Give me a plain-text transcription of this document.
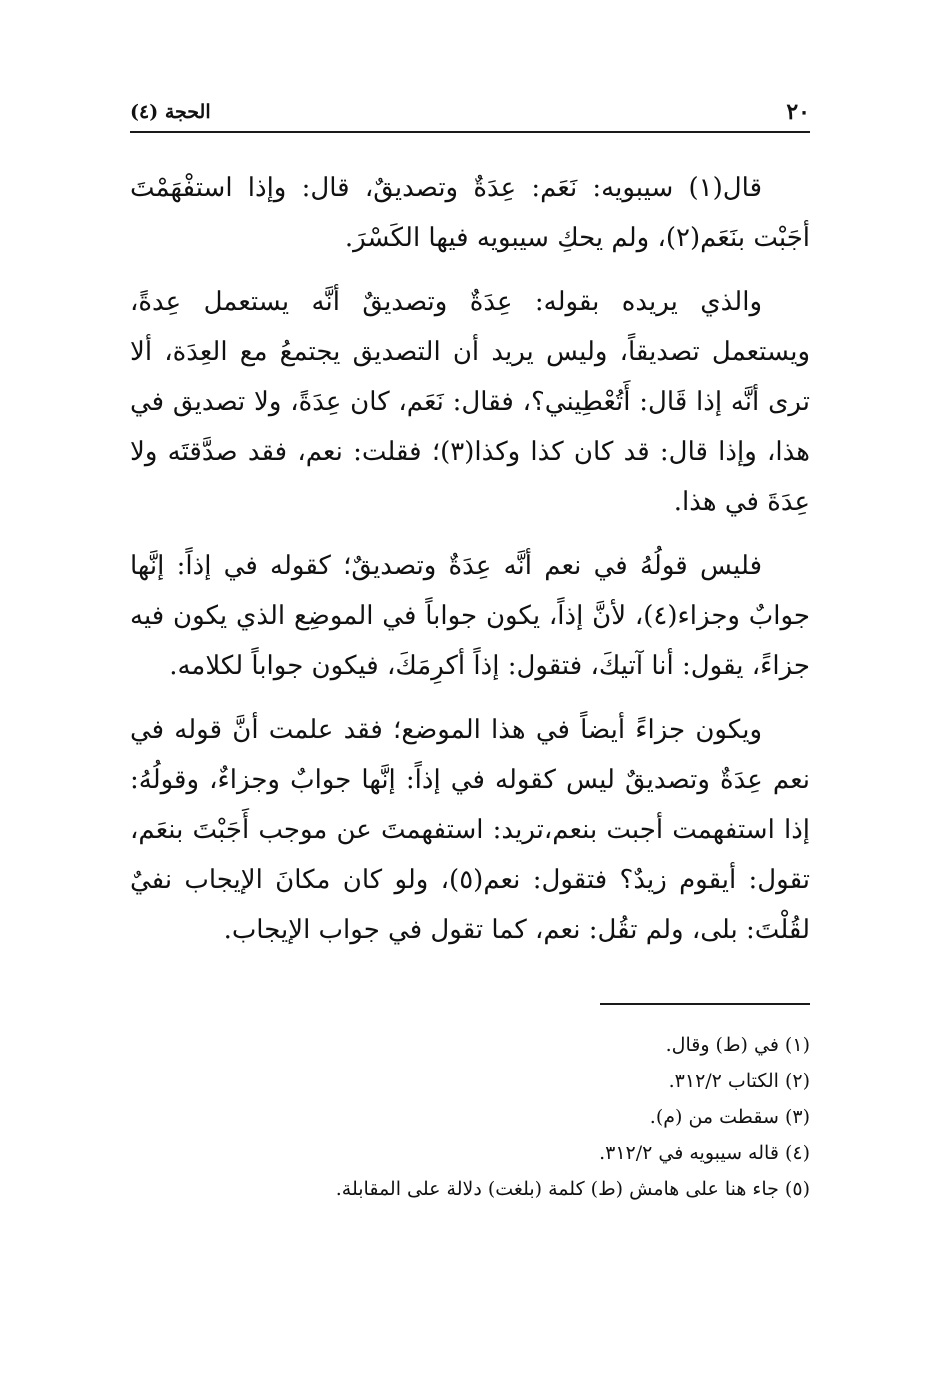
٢٠
الحجة (٤)

قال(١) سيبويه: نَعَم: عِدَةٌ وتصديقٌ، قال: وإذا استفْهَمْتَ أجَبْت بنَعَم(٢)، ولم يحكِ سيبويه فيها الكَسْرَ.

والذي يريده بقوله: عِدَةٌ وتصديقٌ أنَّه يستعمل عِدةً، ويستعمل تصديقاً، وليس يريد أن التصديق يجتمعُ مع العِدَة، ألا ترى أنَّه إذا قَال: أَتُعْطِيني؟، فقال: نَعَم، كان عِدَةً، ولا تصديق في هذا، وإذا قال: قد كان كذا وكذا(٣)؛ فقلت: نعم، فقد صدَّقتَه ولا عِدَةَ في هذا.

فليس قولُهُ في نعم أنَّه عِدَةٌ وتصديقٌ؛ كقوله في إذاً: إنَّها جوابٌ وجزاء(٤)، لأنَّ إذاً، يكون جواباً في الموضِع الذي يكون فيه جزاءً، يقول: أنا آتيكَ، فتقول: إذاً أكرِمَكَ، فيكون جواباً لكلامه.

ويكون جزاءً أيضاً في هذا الموضع؛ فقد علمت أنَّ قوله في نعم عِدَةٌ وتصديقٌ ليس كقوله في إذاً: إنَّها جوابٌ وجزاءٌ، وقولُهُ: إذا استفهمت أجبت بنعم،تريد: استفهمتَ عن موجب أَجَبْتَ بنعَم، تقول: أيقوم زيدٌ؟ فتقول: نعم(٥)، ولو كان مكانَ الإيجاب نفيٌ لقُلْتَ: بلى، ولم تقُل: نعم، كما تقول في جواب الإيجاب.

(١) في (ط) وقال.
(٢) الكتاب ٣١٢/٢.
(٣) سقطت من (م).
(٤) قاله سيبويه في ٣١٢/٢.
(٥) جاء هنا على هامش (ط) كلمة (بلغت) دلالة على المقابلة.
